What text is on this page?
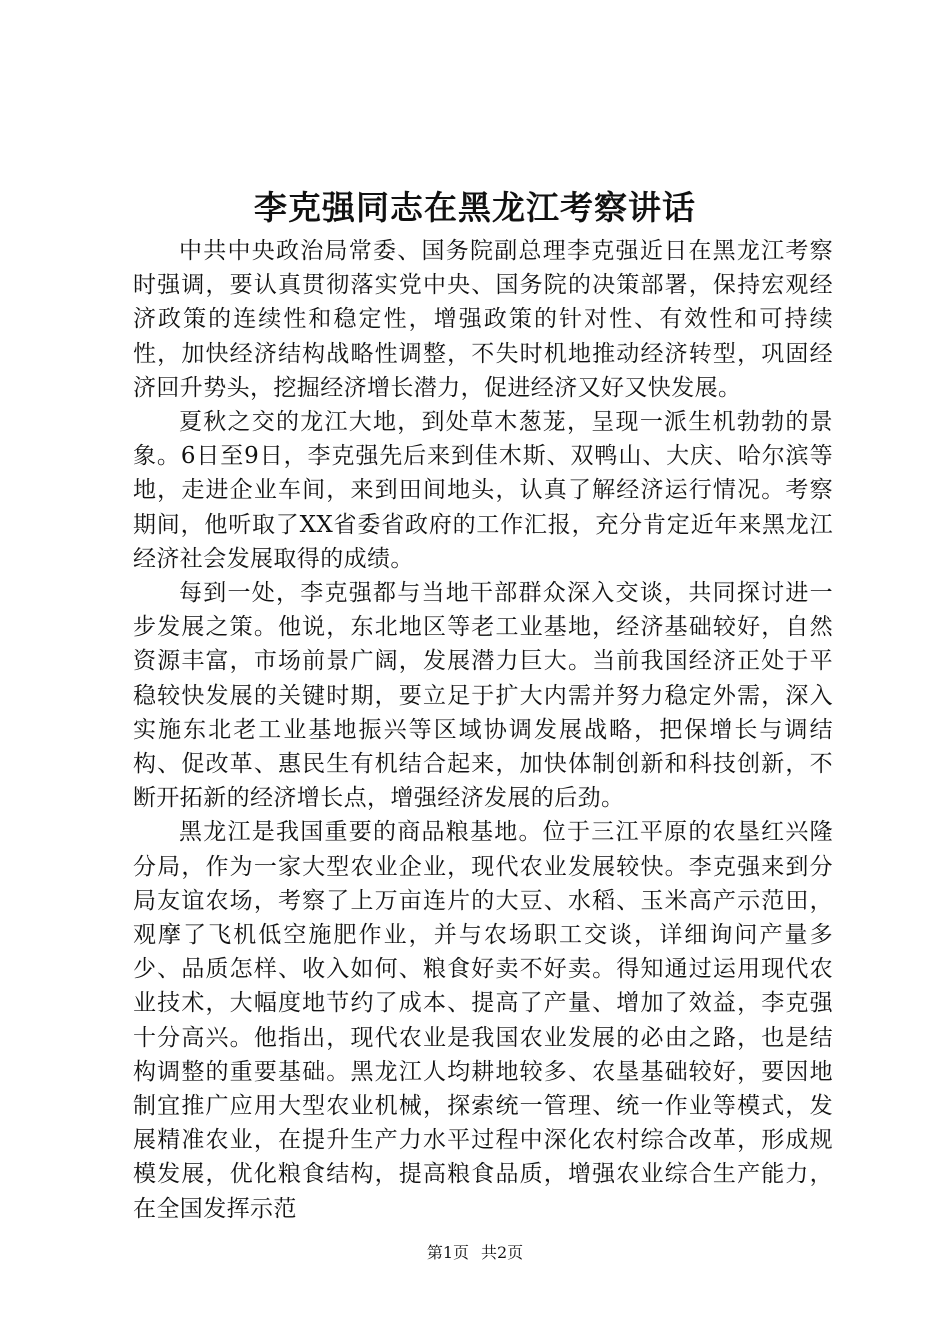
李克强同志在黑龙江考察讲话

中共中央政治局常委、国务院副总理李克强近日在黑龙江考察时强调，要认真贯彻落实党中央、国务院的决策部署，保持宏观经济政策的连续性和稳定性，增强政策的针对性、有效性和可持续性，加快经济结构战略性调整，不失时机地推动经济转型，巩固经济回升势头，挖掘经济增长潜力，促进经济又好又快发展。

夏秋之交的龙江大地，到处草木葱茏，呈现一派生机勃勃的景象。6日至9日，李克强先后来到佳木斯、双鸭山、大庆、哈尔滨等地，走进企业车间，来到田间地头，认真了解经济运行情况。考察期间，他听取了XX省委省政府的工作汇报，充分肯定近年来黑龙江经济社会发展取得的成绩。

每到一处，李克强都与当地干部群众深入交谈，共同探讨进一步发展之策。他说，东北地区等老工业基地，经济基础较好，自然资源丰富，市场前景广阔，发展潜力巨大。当前我国经济正处于平稳较快发展的关键时期，要立足于扩大内需并努力稳定外需，深入实施东北老工业基地振兴等区域协调发展战略，把保增长与调结构、促改革、惠民生有机结合起来，加快体制创新和科技创新，不断开拓新的经济增长点，增强经济发展的后劲。

黑龙江是我国重要的商品粮基地。位于三江平原的农垦红兴隆分局，作为一家大型农业企业，现代农业发展较快。李克强来到分局友谊农场，考察了上万亩连片的大豆、水稻、玉米高产示范田，观摩了飞机低空施肥作业，并与农场职工交谈，详细询问产量多少、品质怎样、收入如何、粮食好卖不好卖。得知通过运用现代农业技术，大幅度地节约了成本、提高了产量、增加了效益，李克强十分高兴。他指出，现代农业是我国农业发展的必由之路，也是结构调整的重要基础。黑龙江人均耕地较多、农垦基础较好，要因地制宜推广应用大型农业机械，探索统一管理、统一作业等模式，发展精准农业，在提升生产力水平过程中深化农村综合改革，形成规模发展，优化粮食结构，提高粮食品质，增强农业综合生产能力，在全国发挥示范

第1页 共2页
